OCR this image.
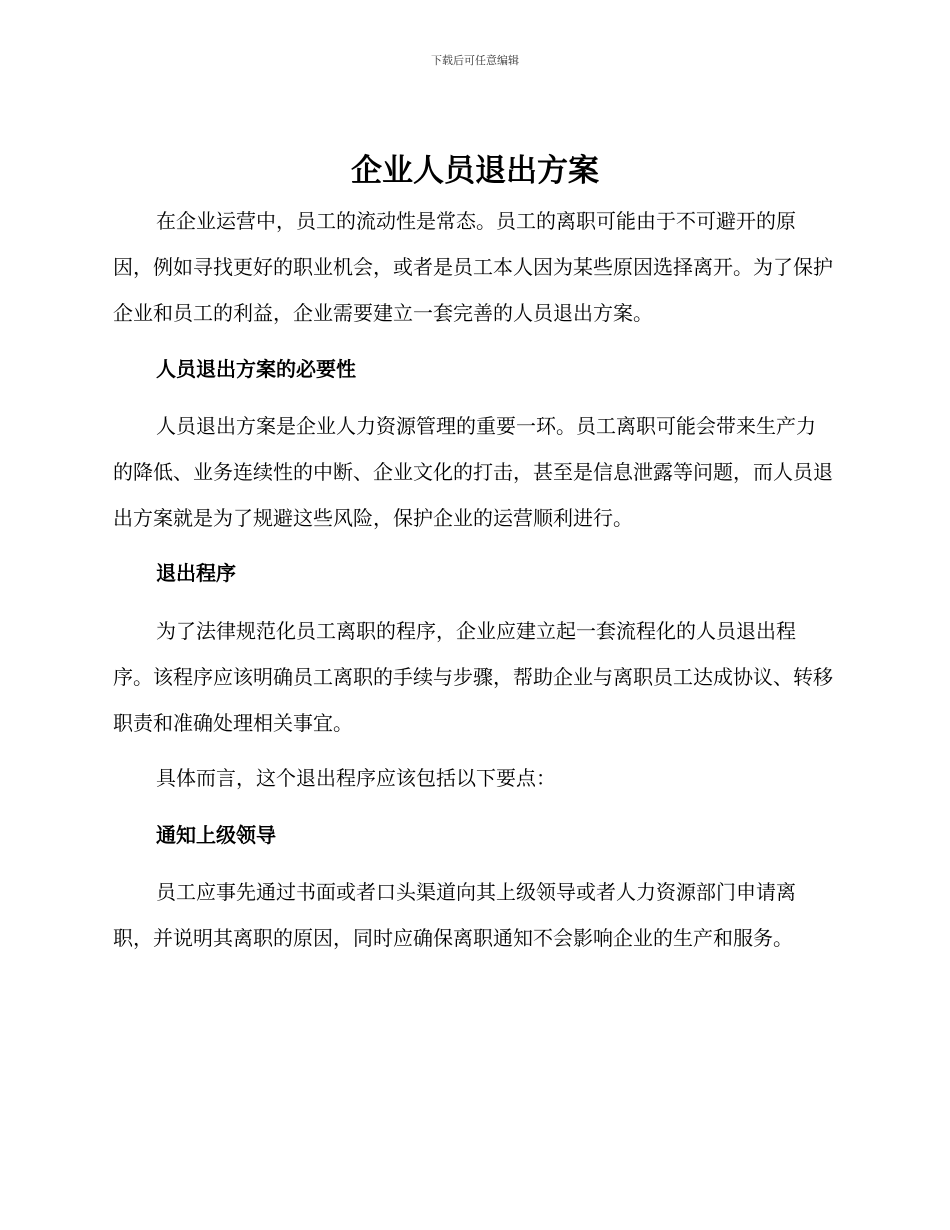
下载后可任意编辑
企业人员退出方案

在企业运营中，员工的流动性是常态。员工的离职可能由于不可避开的原因，例如寻找更好的职业机会，或者是员工本人因为某些原因选择离开。为了保护企业和员工的利益，企业需要建立一套完善的人员退出方案。

人员退出方案的必要性

人员退出方案是企业人力资源管理的重要一环。员工离职可能会带来生产力的降低、业务连续性的中断、企业文化的打击，甚至是信息泄露等问题，而人员退出方案就是为了规避这些风险，保护企业的运营顺利进行。

退出程序

为了法律规范化员工离职的程序，企业应建立起一套流程化的人员退出程序。该程序应该明确员工离职的手续与步骤，帮助企业与离职员工达成协议、转移职责和准确处理相关事宜。

具体而言，这个退出程序应该包括以下要点：

通知上级领导

员工应事先通过书面或者口头渠道向其上级领导或者人力资源部门申请离职，并说明其离职的原因，同时应确保离职通知不会影响企业的生产和服务。
